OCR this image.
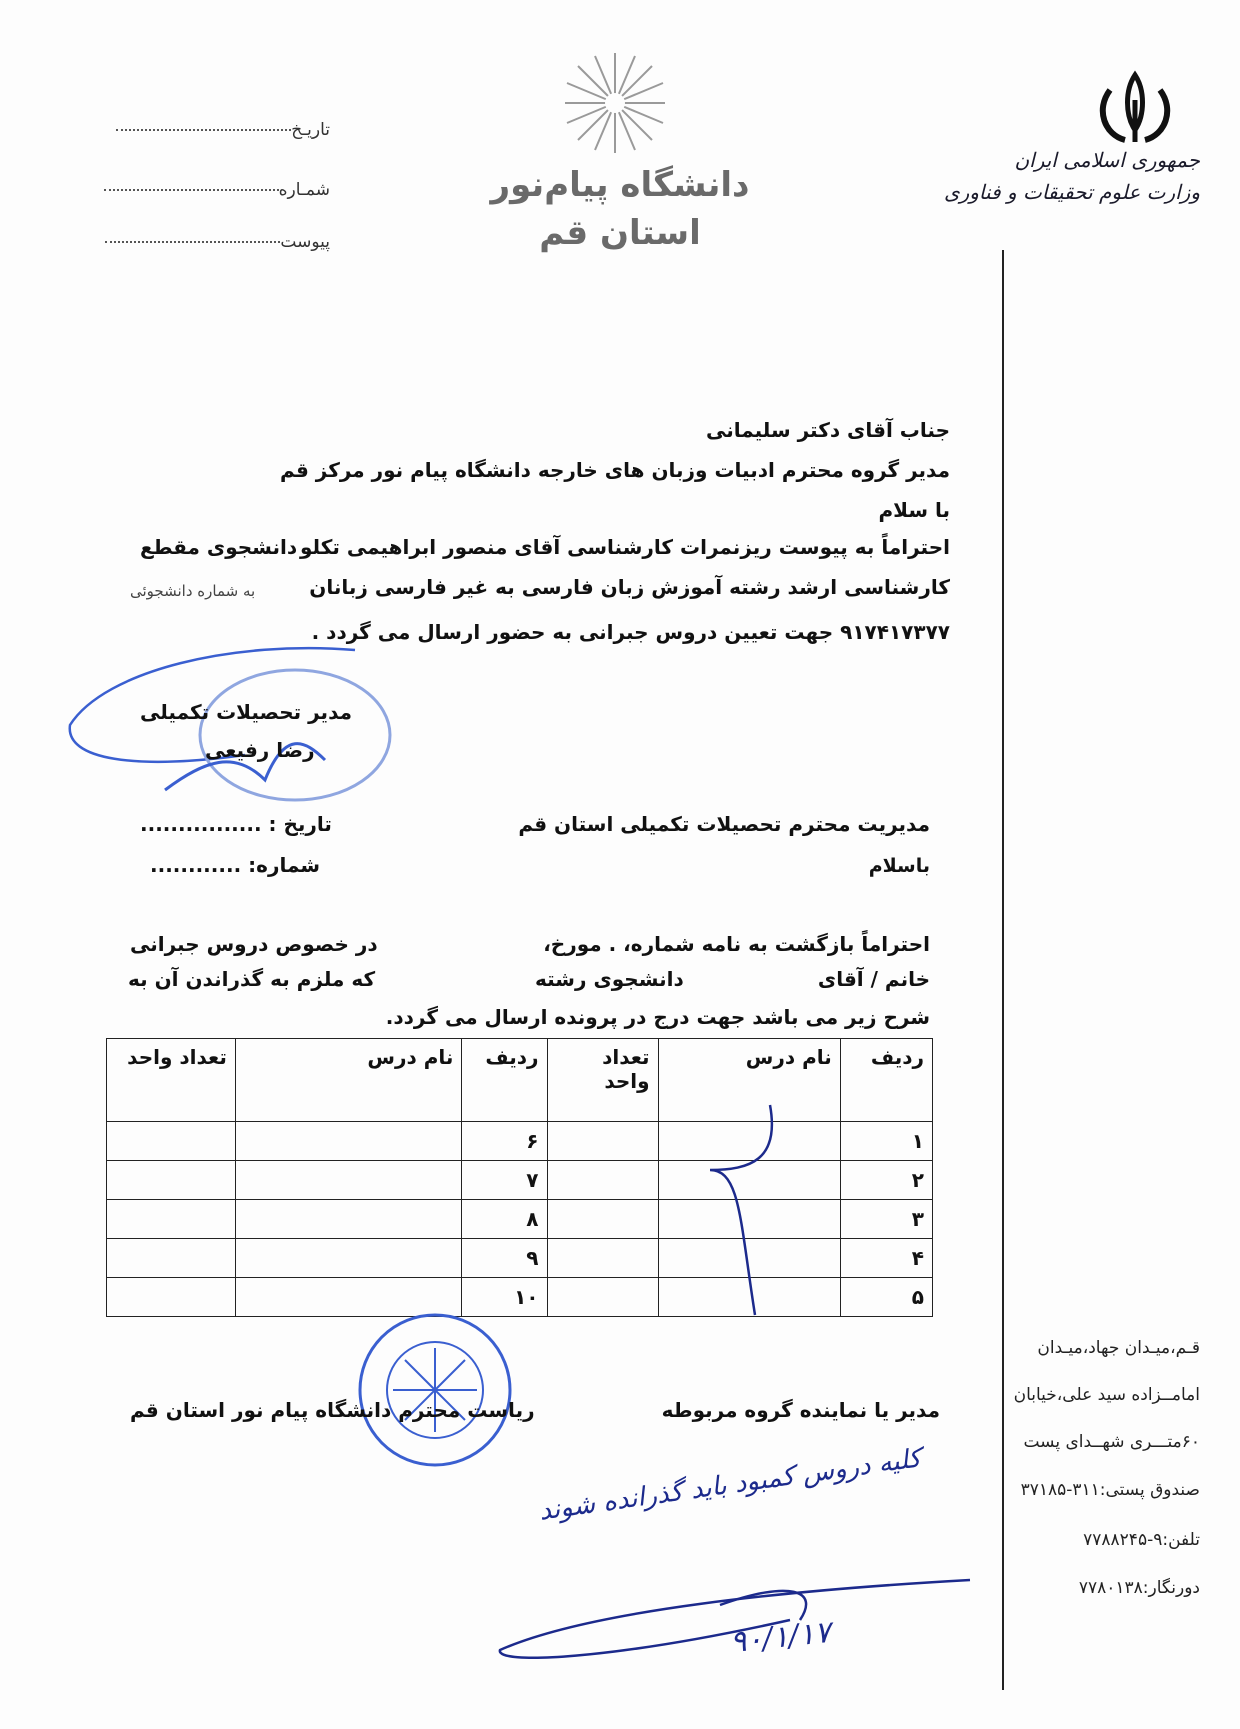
جمهوری اسلامی ایران
وزارت علوم تحقیقات و فناوری
دانشگاه پیام‌نور
استان قم
تاریـخ
شمـاره
پیوست
جناب آقای دکتر سلیمانی
مدیر گروه محترم ادبیات وزبان های خارجه دانشگاه پیام نور مرکز قم
با سلام
احتراماً به پیوست ریزنمرات کارشناسی آقای منصور ابراهیمی تکلو
دانشجوی مقطع
کارشناسی ارشد رشته آموزش زبان فارسی به غیر فارسی زبانان
به شماره دانشجوئی
۹۱۷۴۱۷۳۷۷ جهت تعیین دروس جبرانی به حضور ارسال می گردد .
مدیر تحصیلات تکمیلی
رضا رفیعی
تاریخ : ................
شماره: ............
مدیریت محترم تحصیلات تکمیلی استان قم
باسلام
احتراماً بازگشت به نامه شماره، . مورخ،
در خصوص دروس جبرانی
خانم / آقای
دانشجوی رشته
که ملزم به گذراندن آن به
شرح زیر می باشد جهت درج در پرونده ارسال می گردد.
ردیف	نام درس	تعداد واحد	ردیف	نام درس	تعداد واحد
۱			۶		
۲			۷		
۳			۸		
۴			۹		
۵			۱۰		
مدیر یا نماینده گروه مربوطه
ریاست محترم دانشگاه پیام نور استان قم
کلیه دروس کمبود باید گذرانده شوند
۹۰/۱/۱۷
قـم،میـدان جهاد،میـدان
امامــزاده سید علی،خیابان
۶۰متـــری شهــدای پست
صندوق پستی:۳۱۱-۳۷۱۸۵
تلفن:۹-۷۷۸۸۲۴۵
دورنگار:۷۷۸۰۱۳۸
